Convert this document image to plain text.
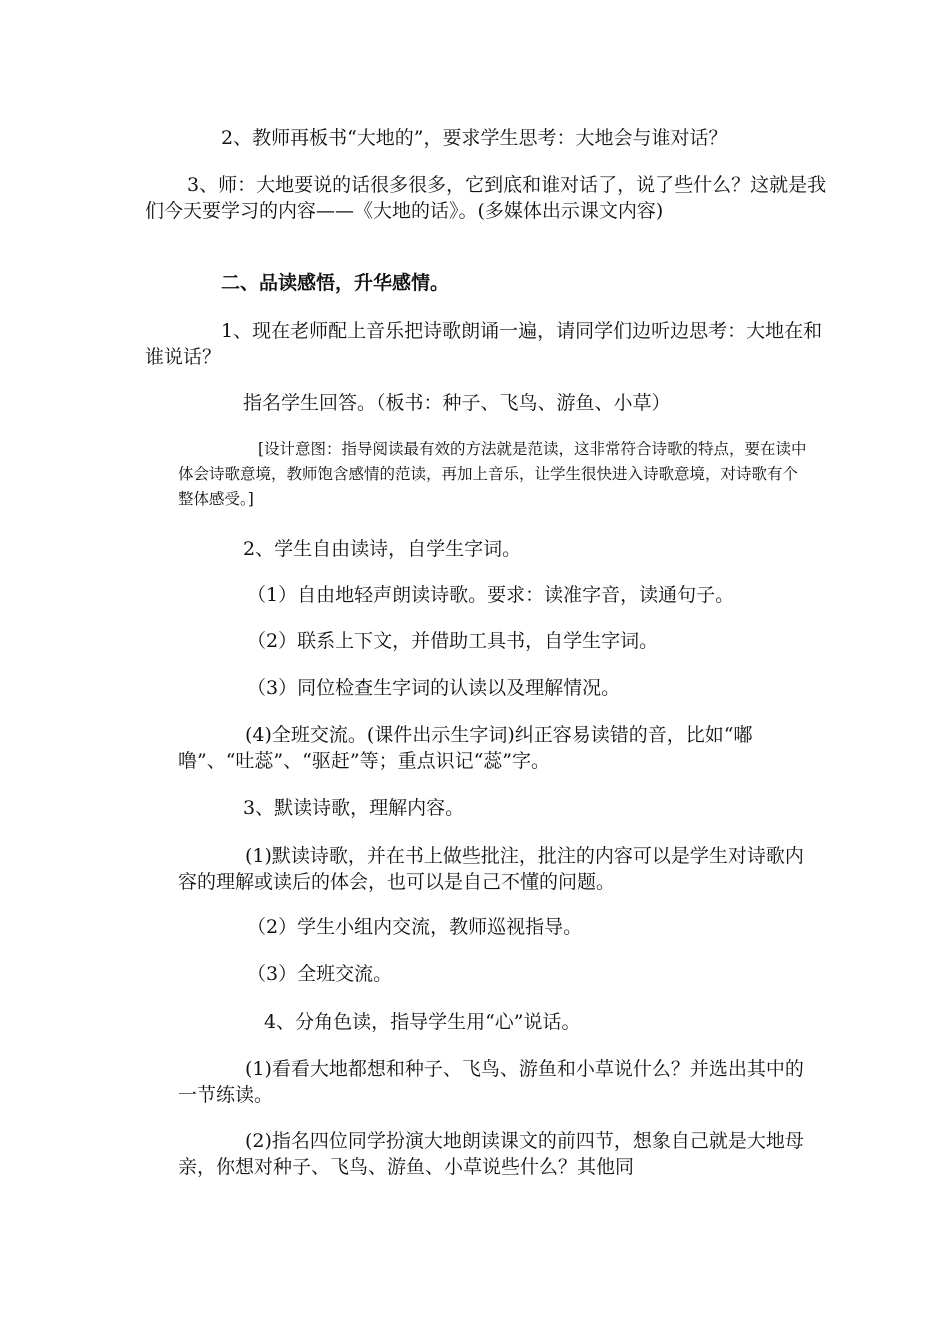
2、教师再板书“大地的”，要求学生思考：大地会与谁对话？

3、师：大地要说的话很多很多，它到底和谁对话了，说了些什么？这就是我们今天要学习的内容——《大地的话》。(多媒体出示课文内容)

二、品读感悟，升华感情。

1、现在老师配上音乐把诗歌朗诵一遍，请同学们边听边思考：大地在和谁说话？

指名学生回答。（板书：种子、飞鸟、游鱼、小草）

[设计意图：指导阅读最有效的方法就是范读，这非常符合诗歌的特点，要在读中体会诗歌意境，教师饱含感情的范读，再加上音乐，让学生很快进入诗歌意境，对诗歌有个整体感受。]

2、学生自由读诗，自学生字词。

（1）自由地轻声朗读诗歌。要求：读准字音，读通句子。

（2）联系上下文，并借助工具书，自学生字词。

（3）同位检查生字词的认读以及理解情况。

(4)全班交流。(课件出示生字词)纠正容易读错的音，比如“嘟噜”、“吐蕊”、“驱赶”等；重点识记“蕊”字。

3、默读诗歌，理解内容。

(1)默读诗歌，并在书上做些批注，批注的内容可以是学生对诗歌内容的理解或读后的体会，也可以是自己不懂的问题。

（2）学生小组内交流，教师巡视指导。

（3）全班交流。

4、分角色读，指导学生用“心”说话。

(1)看看大地都想和种子、飞鸟、游鱼和小草说什么？并选出其中的一节练读。

(2)指名四位同学扮演大地朗读课文的前四节，想象自己就是大地母亲，你想对种子、飞鸟、游鱼、小草说些什么？其他同
